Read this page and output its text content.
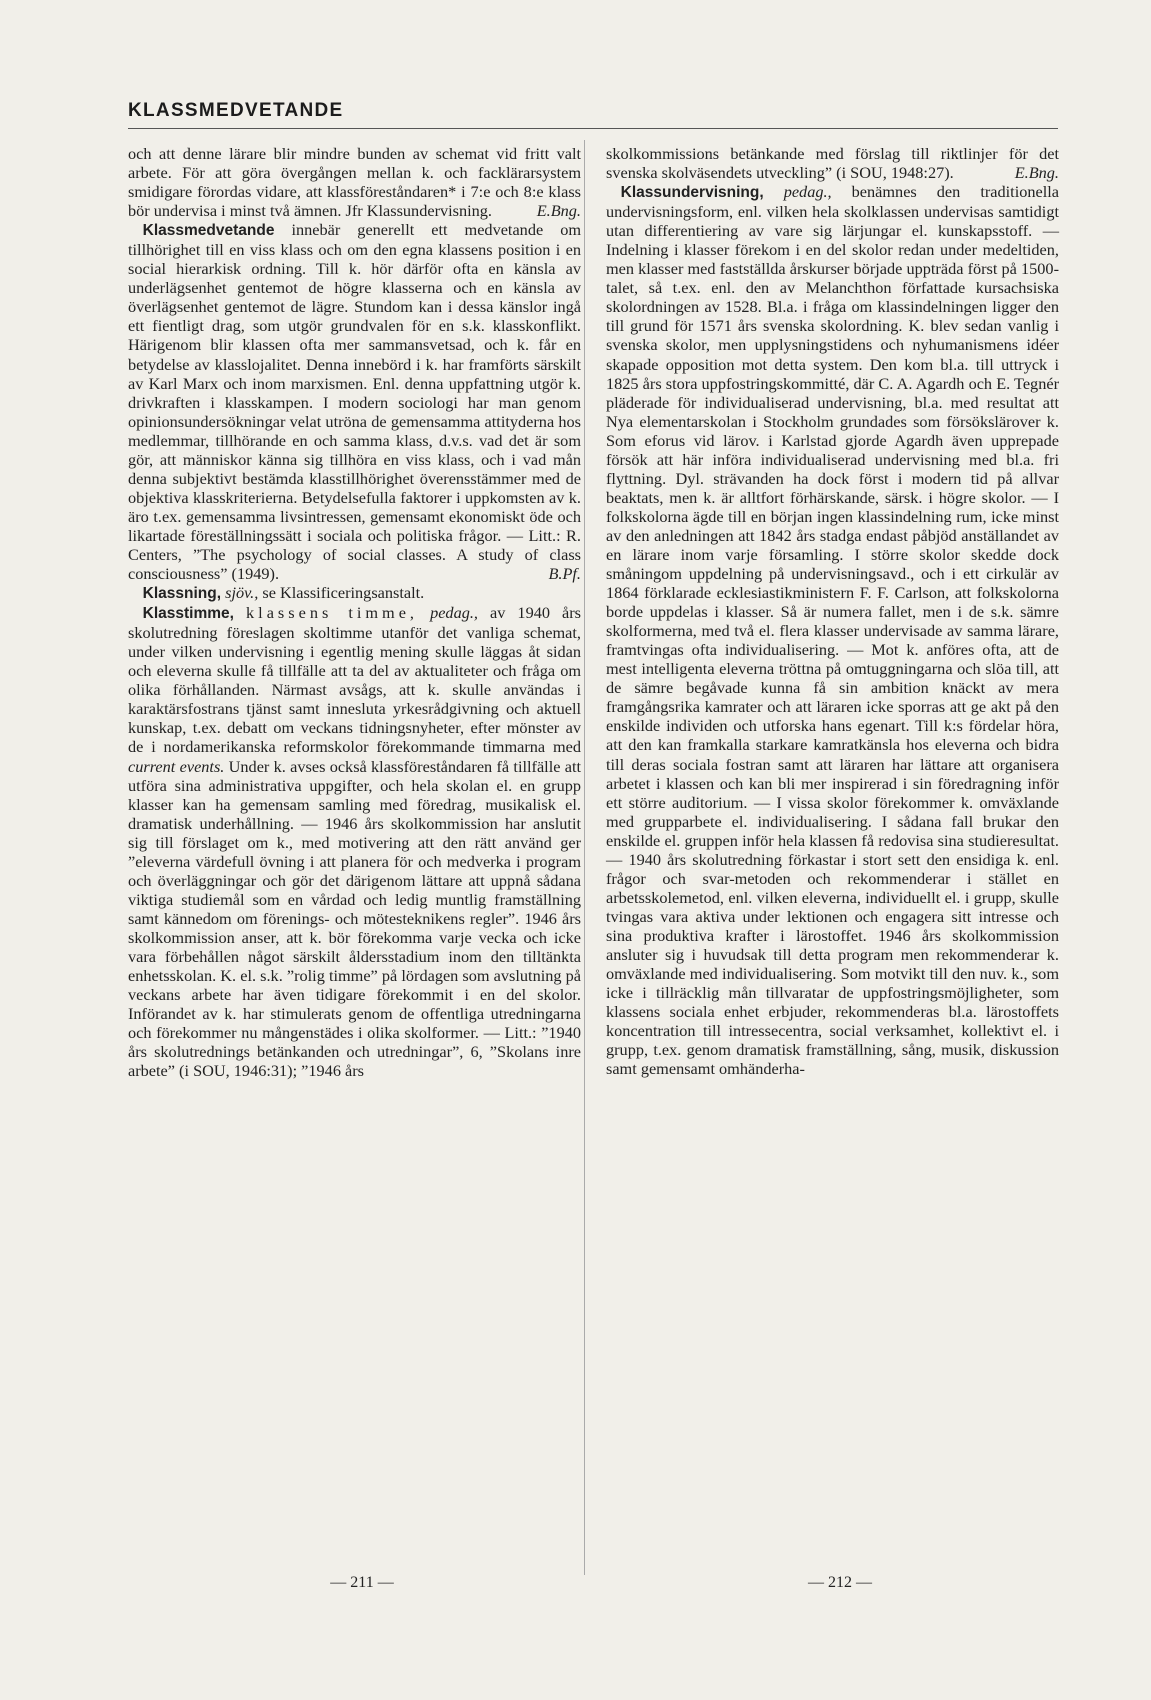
KLASSMEDVETANDE

och att denne lärare blir mindre bunden av schemat vid fritt valt arbete. För att göra övergången mellan k. och facklärarsystem smidigare förordas vidare, att klassföreståndaren* i 7:e och 8:e klass bör undervisa i minst två ämnen. Jfr Klassundervisning.	E.Bng.

Klassmedvetande innebär generellt ett medvetande om tillhörighet till en viss klass och om den egna klassens position i en social hierarkisk ordning. Till k. hör därför ofta en känsla av underlägsenhet gentemot de högre klasserna och en känsla av överlägsenhet gentemot de lägre. Stundom kan i dessa känslor ingå ett fientligt drag, som utgör grundvalen för en s.k. klasskonflikt. Härigenom blir klassen ofta mer sammansvetsad, och k. får en betydelse av klasslojalitet. Denna innebörd i k. har framförts särskilt av Karl Marx och inom marxismen. Enl. denna uppfattning utgör k. drivkraften i klasskampen. I modern sociologi har man genom opinionsundersökningar velat utröna de gemensamma attityderna hos medlemmar, tillhörande en och samma klass, d.v.s. vad det är som gör, att människor känna sig tillhöra en viss klass, och i vad mån denna subjektivt bestämda klasstillhörighet överensstämmer med de objektiva klasskriterierna. Betydelsefulla faktorer i uppkomsten av k. äro t.ex. gemensamma livsintressen, gemensamt ekonomiskt öde och likartade föreställningssätt i sociala och politiska frågor. — Litt.: R. Centers, ”The psychology of social classes. A study of class consciousness” (1949).	B.Pf.

Klassning, sjöv., se Klassificeringsanstalt.

Klasstimme, klassens timme, pedag., av 1940 års skolutredning föreslagen skoltimme utanför det vanliga schemat, under vilken undervisning i egentlig mening skulle läggas åt sidan och eleverna skulle få tillfälle att ta del av aktualiteter och fråga om olika förhållanden. Närmast avsågs, att k. skulle användas i karaktärsfostrans tjänst samt innesluta yrkesrådgivning och aktuell kunskap, t.ex. debatt om veckans tidningsnyheter, efter mönster av de i nordamerikanska reformskolor förekommande timmarna med current events. Under k. avses också klassföreståndaren få tillfälle att utföra sina administrativa uppgifter, och hela skolan el. en grupp klasser kan ha gemensam samling med föredrag, musikalisk el. dramatisk underhållning. — 1946 års skolkommission har anslutit sig till förslaget om k., med motivering att den rätt använd ger ”eleverna värdefull övning i att planera för och medverka i program och överläggningar och gör det därigenom lättare att uppnå sådana viktiga studiemål som en vårdad och ledig muntlig framställning samt kännedom om förenings- och mötesteknikens regler”. 1946 års skolkommission anser, att k. bör förekomma varje vecka och icke vara förbehållen något särskilt åldersstadium inom den tilltänkta enhetsskolan. K. el. s.k. ”rolig timme” på lördagen som avslutning på veckans arbete har även tidigare förekommit i en del skolor. Införandet av k. har stimulerats genom de offentliga utredningarna och förekommer nu mångenstädes i olika skolformer. — Litt.: ”1940 års skolutrednings betänkanden och utredningar”, 6, ”Skolans inre arbete” (i SOU, 1946:31); ”1946 års

skolkommissions betänkande med förslag till riktlinjer för det svenska skolväsendets utveckling” (i SOU, 1948:27).	E.Bng.

Klassundervisning, pedag., benämnes den traditionella undervisningsform, enl. vilken hela skolklassen undervisas samtidigt utan differentiering av vare sig lärjungar el. kunskapsstoff. — Indelning i klasser förekom i en del skolor redan under medeltiden, men klasser med fastställda årskurser började uppträda först på 1500-talet, så t.ex. enl. den av Melanchthon författade kursachsiska skolordningen av 1528. Bl.a. i fråga om klassindelningen ligger den till grund för 1571 års svenska skolordning. K. blev sedan vanlig i svenska skolor, men upplysningstidens och nyhumanismens idéer skapade opposition mot detta system. Den kom bl.a. till uttryck i 1825 års stora uppfostringskommitté, där C. A. Agardh och E. Tegnér pläderade för individualiserad undervisning, bl.a. med resultat att Nya elementarskolan i Stockholm grundades som försökslärover k. Som eforus vid lärov. i Karlstad gjorde Agardh även upprepade försök att här införa individualiserad undervisning med bl.a. fri flyttning. Dyl. strävanden ha dock först i modern tid på allvar beaktats, men k. är alltfort förhärskande, särsk. i högre skolor. — I folkskolorna ägde till en början ingen klassindelning rum, icke minst av den anledningen att 1842 års stadga endast påbjöd anställandet av en lärare inom varje församling. I större skolor skedde dock småningom uppdelning på undervisningsavd., och i ett cirkulär av 1864 förklarade ecklesiastikministern F. F. Carlson, att folkskolorna borde uppdelas i klasser. Så är numera fallet, men i de s.k. sämre skolformerna, med två el. flera klasser undervisade av samma lärare, framtvingas ofta individualisering. — Mot k. anföres ofta, att de mest intelligenta eleverna tröttna på omtuggningarna och slöa till, att de sämre begåvade kunna få sin ambition knäckt av mera framgångsrika kamrater och att läraren icke sporras att ge akt på den enskilde individen och utforska hans egenart. Till k:s fördelar höra, att den kan framkalla starkare kamratkänsla hos eleverna och bidra till deras sociala fostran samt att läraren har lättare att organisera arbetet i klassen och kan bli mer inspirerad i sin föredragning inför ett större auditorium. — I vissa skolor förekommer k. omväxlande med grupparbete el. individualisering. I sådana fall brukar den enskilde el. gruppen inför hela klassen få redovisa sina studieresultat. — 1940 års skolutredning förkastar i stort sett den ensidiga k. enl. frågor och svar-metoden och rekommenderar i stället en arbetsskolemetod, enl. vilken eleverna, individuellt el. i grupp, skulle tvingas vara aktiva under lektionen och engagera sitt intresse och sina produktiva krafter i lärostoffet. 1946 års skolkommission ansluter sig i huvudsak till detta program men rekommenderar k. omväxlande med individualisering. Som motvikt till den nuv. k., som icke i tillräcklig mån tillvaratar de uppfostringsmöjligheter, som klassens sociala enhet erbjuder, rekommenderas bl.a. lärostoffets koncentration till intressecentra, social verksamhet, kollektivt el. i grupp, t.ex. genom dramatisk framställning, sång, musik, diskussion samt gemensamt omhänderha-

— 211 —	— 212 —
